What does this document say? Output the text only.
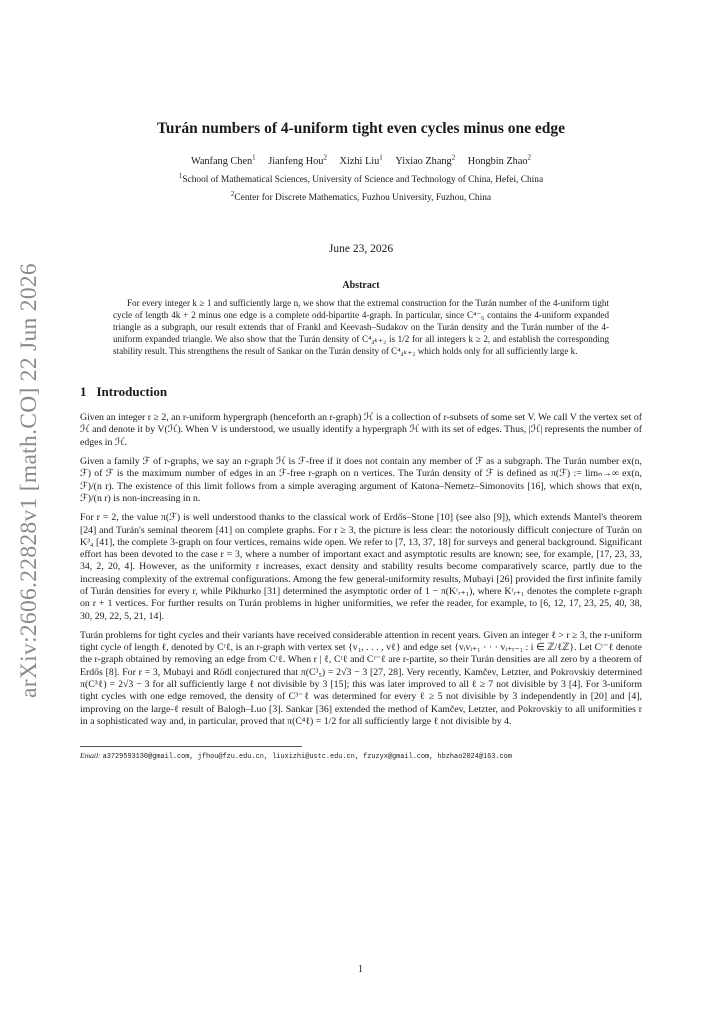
arXiv:2606.22828v1 [math.CO] 22 Jun 2026
Turán numbers of 4-uniform tight even cycles minus one edge
Wanfang Chen$^1$ Jianfeng Hou$^2$ Xizhi Liu$^1$ Yixiao Zhang$^2$ Hongbin Zhao$^2$
$^1$School of Mathematical Sciences, University of Science and Technology of China, Hefei, China
$^2$Center for Discrete Mathematics, Fuzhou University, Fuzhou, China
June 23, 2026
Abstract
For every integer k ≥ 1 and sufficiently large n, we show that the extremal construction for the Turán number of the 4-uniform tight cycle of length 4k + 2 minus one edge is a complete odd-bipartite 4-graph. In particular, since C⁴⁻₆ contains the 4-uniform expanded triangle as a subgraph, our result extends that of Frankl and Keevash–Sudakov on the Turán density and the Turán number of the 4-uniform expanded triangle. We also show that the Turán density of C⁴₄ₖ₊₂ is 1/2 for all integers k ≥ 2, and establish the corresponding stability result. This strengthens the result of Sankar on the Turán density of C⁴₄ₖ₊₂ which holds only for all sufficiently large k.
1 Introduction

Given an integer r ≥ 2, an r-uniform hypergraph (henceforth an r-graph) ℋ is a collection of r-subsets of some set V. We call V the vertex set of ℋ and denote it by V(ℋ). When V is understood, we usually identify a hypergraph ℋ with its set of edges. Thus, |ℋ| represents the number of edges in ℋ.

Given a family ℱ of r-graphs, we say an r-graph ℋ is ℱ-free if it does not contain any member of ℱ as a subgraph. The Turán number ex(n, ℱ) of ℱ is the maximum number of edges in an ℱ-free r-graph on n vertices. The Turán density of ℱ is defined as π(ℱ) := limₙ→∞ ex(n, ℱ)/(n r). The existence of this limit follows from a simple averaging argument of Katona–Nemetz–Simonovits [16], which shows that ex(n, ℱ)/(n r) is non-increasing in n.

For r = 2, the value π(ℱ) is well understood thanks to the classical work of Erdős–Stone [10] (see also [9]), which extends Mantel's theorem [24] and Turán's seminal theorem [41] on complete graphs. For r ≥ 3, the picture is less clear: the notoriously difficult conjecture of Turán on K³₄ [41], the complete 3-graph on four vertices, remains wide open. We refer to [7, 13, 37, 18] for surveys and general background. Significant effort has been devoted to the case r = 3, where a number of important exact and asymptotic results are known; see, for example, [17, 23, 33, 34, 2, 20, 4]. However, as the uniformity r increases, exact density and stability results become comparatively scarce, partly due to the increasing complexity of the extremal configurations. Among the few general-uniformity results, Mubayi [26] provided the first infinite family of Turán densities for every r, while Pikhurko [31] determined the asymptotic order of 1 − π(Kʳᵣ₊₁), where Kʳᵣ₊₁ denotes the complete r-graph on r + 1 vertices. For further results on Turán problems in higher uniformities, we refer the reader, for example, to [6, 12, 17, 23, 25, 40, 38, 30, 29, 22, 5, 21, 14].

Turán problems for tight cycles and their variants have received considerable attention in recent years. Given an integer ℓ > r ≥ 3, the r-uniform tight cycle of length ℓ, denoted by Cʳℓ, is an r-graph with vertex set {v₁, . . . , vℓ} and edge set {vᵢvᵢ₊₁ · · · vᵢ₊ᵣ₋₁ : i ∈ ℤ/ℓℤ}. Let Cʳ⁻ℓ denote the r-graph obtained by removing an edge from Cʳℓ. When r | ℓ, Cʳℓ and Cʳ⁻ℓ are r-partite, so their Turán densities are all zero by a theorem of Erdős [8]. For r = 3, Mubayi and Rödl conjectured that π(C³₅) = 2√3 − 3 [27, 28]. Very recently, Kamčev, Letzter, and Pokrovskiy determined π(C³ℓ) = 2√3 − 3 for all sufficiently large ℓ not divisible by 3 [15]; this was later improved to all ℓ ≥ 7 not divisible by 3 [4]. For 3-uniform tight cycles with one edge removed, the density of C³⁻ℓ was determined for every ℓ ≥ 5 not divisible by 3 independently in [20] and [4], improving on the large-ℓ result of Balogh–Luo [3]. Sankar [36] extended the method of Kamčev, Letzter, and Pokrovskiy to all uniformities r in a sophisticated way and, in particular, proved that π(C⁴ℓ) = 1/2 for all sufficiently large ℓ not divisible by 4.

Email: a3729593130@gmail.com, jfhou@fzu.edu.cn, liuxizhi@ustc.edu.cn, fzuzyx@gmail.com, hbzhao2024@163.com
1
